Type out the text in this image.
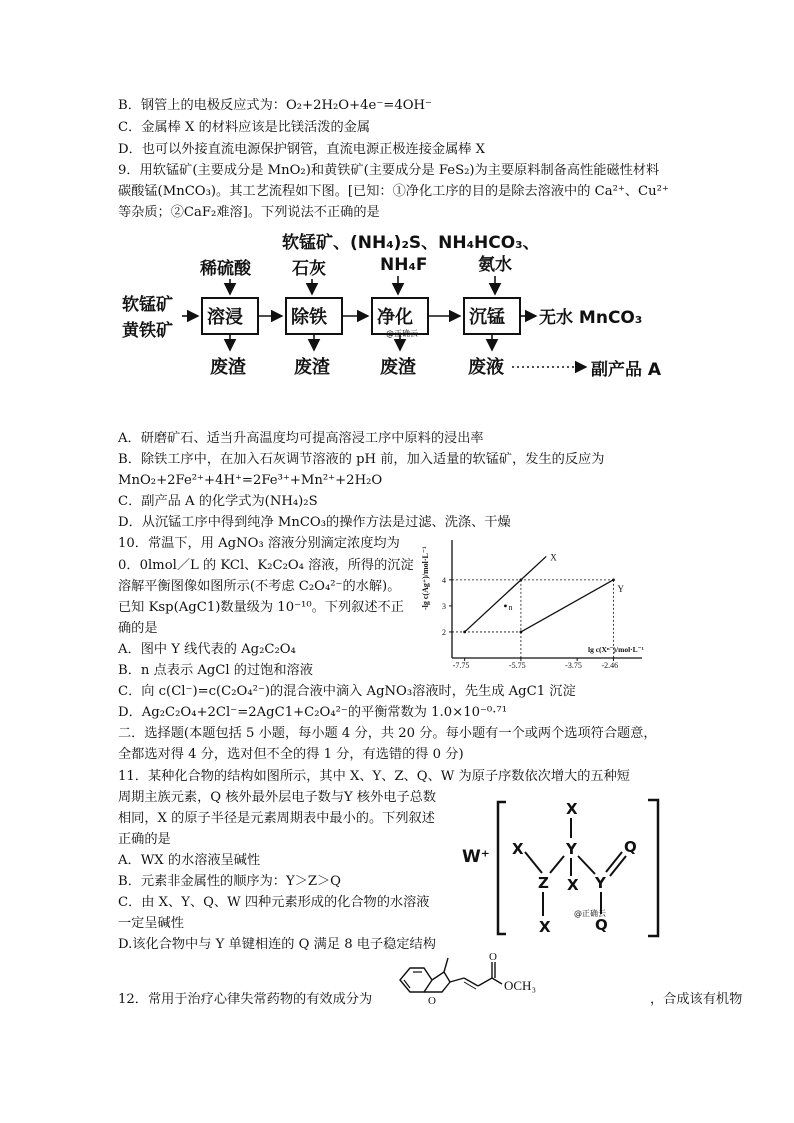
B．钢管上的电极反应式为：O₂+2H₂O+4e⁻=4OH⁻
C．金属棒 X 的材料应该是比镁活泼的金属
D．也可以外接直流电源保护钢管，直流电源正极连接金属棒 X
9．用软锰矿(主要成分是 MnO₂)和黄铁矿(主要成分是 FeS₂)为主要原料制备高性能磁性材料
碳酸锰(MnCO₃)。其工艺流程如下图。[已知：①净化工序的目的是除去溶液中的 Ca²⁺、Cu²⁺
等杂质；②CaF₂难溶]。下列说法不正确的是
软锰矿、(NH₄)₂S、NH₄HCO₃、
稀硫酸 石灰	NH₄F	氨水
软锰矿
黄铁矿
溶浸	除铁	净化	沉锰 无水 MnCO₃
@正确云
废渣	废渣	废渣	废液	副产品 A
A．研磨矿石、适当升高温度均可提高溶浸工序中原料的浸出率
B．除铁工序中，在加入石灰调节溶液的 pH 前，加入适量的软锰矿，发生的反应为
MnO₂+2Fe²⁺+4H⁺=2Fe³⁺+Mn²⁺+2H₂O
C．副产品 A 的化学式为(NH₄)₂S
D．从沉锰工序中得到纯净 MnCO₃的操作方法是过滤、洗涤、干燥
10．常温下，用 AgNO₃ 溶液分别滴定浓度均为
0．0lmol／L 的 KCl、K₂C₂O₄ 溶液，所得的沉淀
溶解平衡图像如图所示(不考虑 C₂O₄²⁻的水解)。
已知 Ksp(AgC1)数量级为 10⁻¹⁰。下列叙述不正
确的是
A．图中 Y 线代表的 Ag₂C₂O₄
B．n 点表示 AgCl 的过饱和溶液
C．向 c(Cl⁻)=c(C₂O₄²⁻)的混合液中滴入 AgNO₃溶液时，先生成 AgC1 沉淀
D．Ag₂C₂O₄+2Cl⁻=2AgC1+C₂O₄²⁻的平衡常数为 1.0×10⁻⁰·⁷¹
-7.75	-5.75	-3.75 -2.46
2
3
4
X
Y
n
-lg c(Ag⁺)/mol·L⁻¹
lg c(Xⁿ⁻)/mol·L⁻¹
二．选择题(本题包括 5 小题，每小题 4 分，共 20 分。每小题有一个或两个选项符合题意，
全都选对得 4 分，选对但不全的得 1 分，有选错的得 0 分)
11．某种化合物的结构如图所示，其中 X、Y、Z、Q、W 为原子序数依次增大的五种短
周期主族元素，Q 核外最外层电子数与Y 核外电子总数
相同，X 的原子半径是元素周期表中最小的。下列叙述
正确的是
A．WX 的水溶液呈碱性
B．元素非金属性的顺序为：Y＞Z＞Q
C．由 X、Y、Q、W 四种元素形成的化合物的水溶液
一定呈碱性
D.该化合物中与 Y 单键相连的 Q 满足 8 电子稳定结构
W⁺
X
Y
X
Z	Y
X
X
Q
Q
@正确云
12．常用于治疗心律失常药物的有效成分为	，合成该有机物
O
O
OCH₃
